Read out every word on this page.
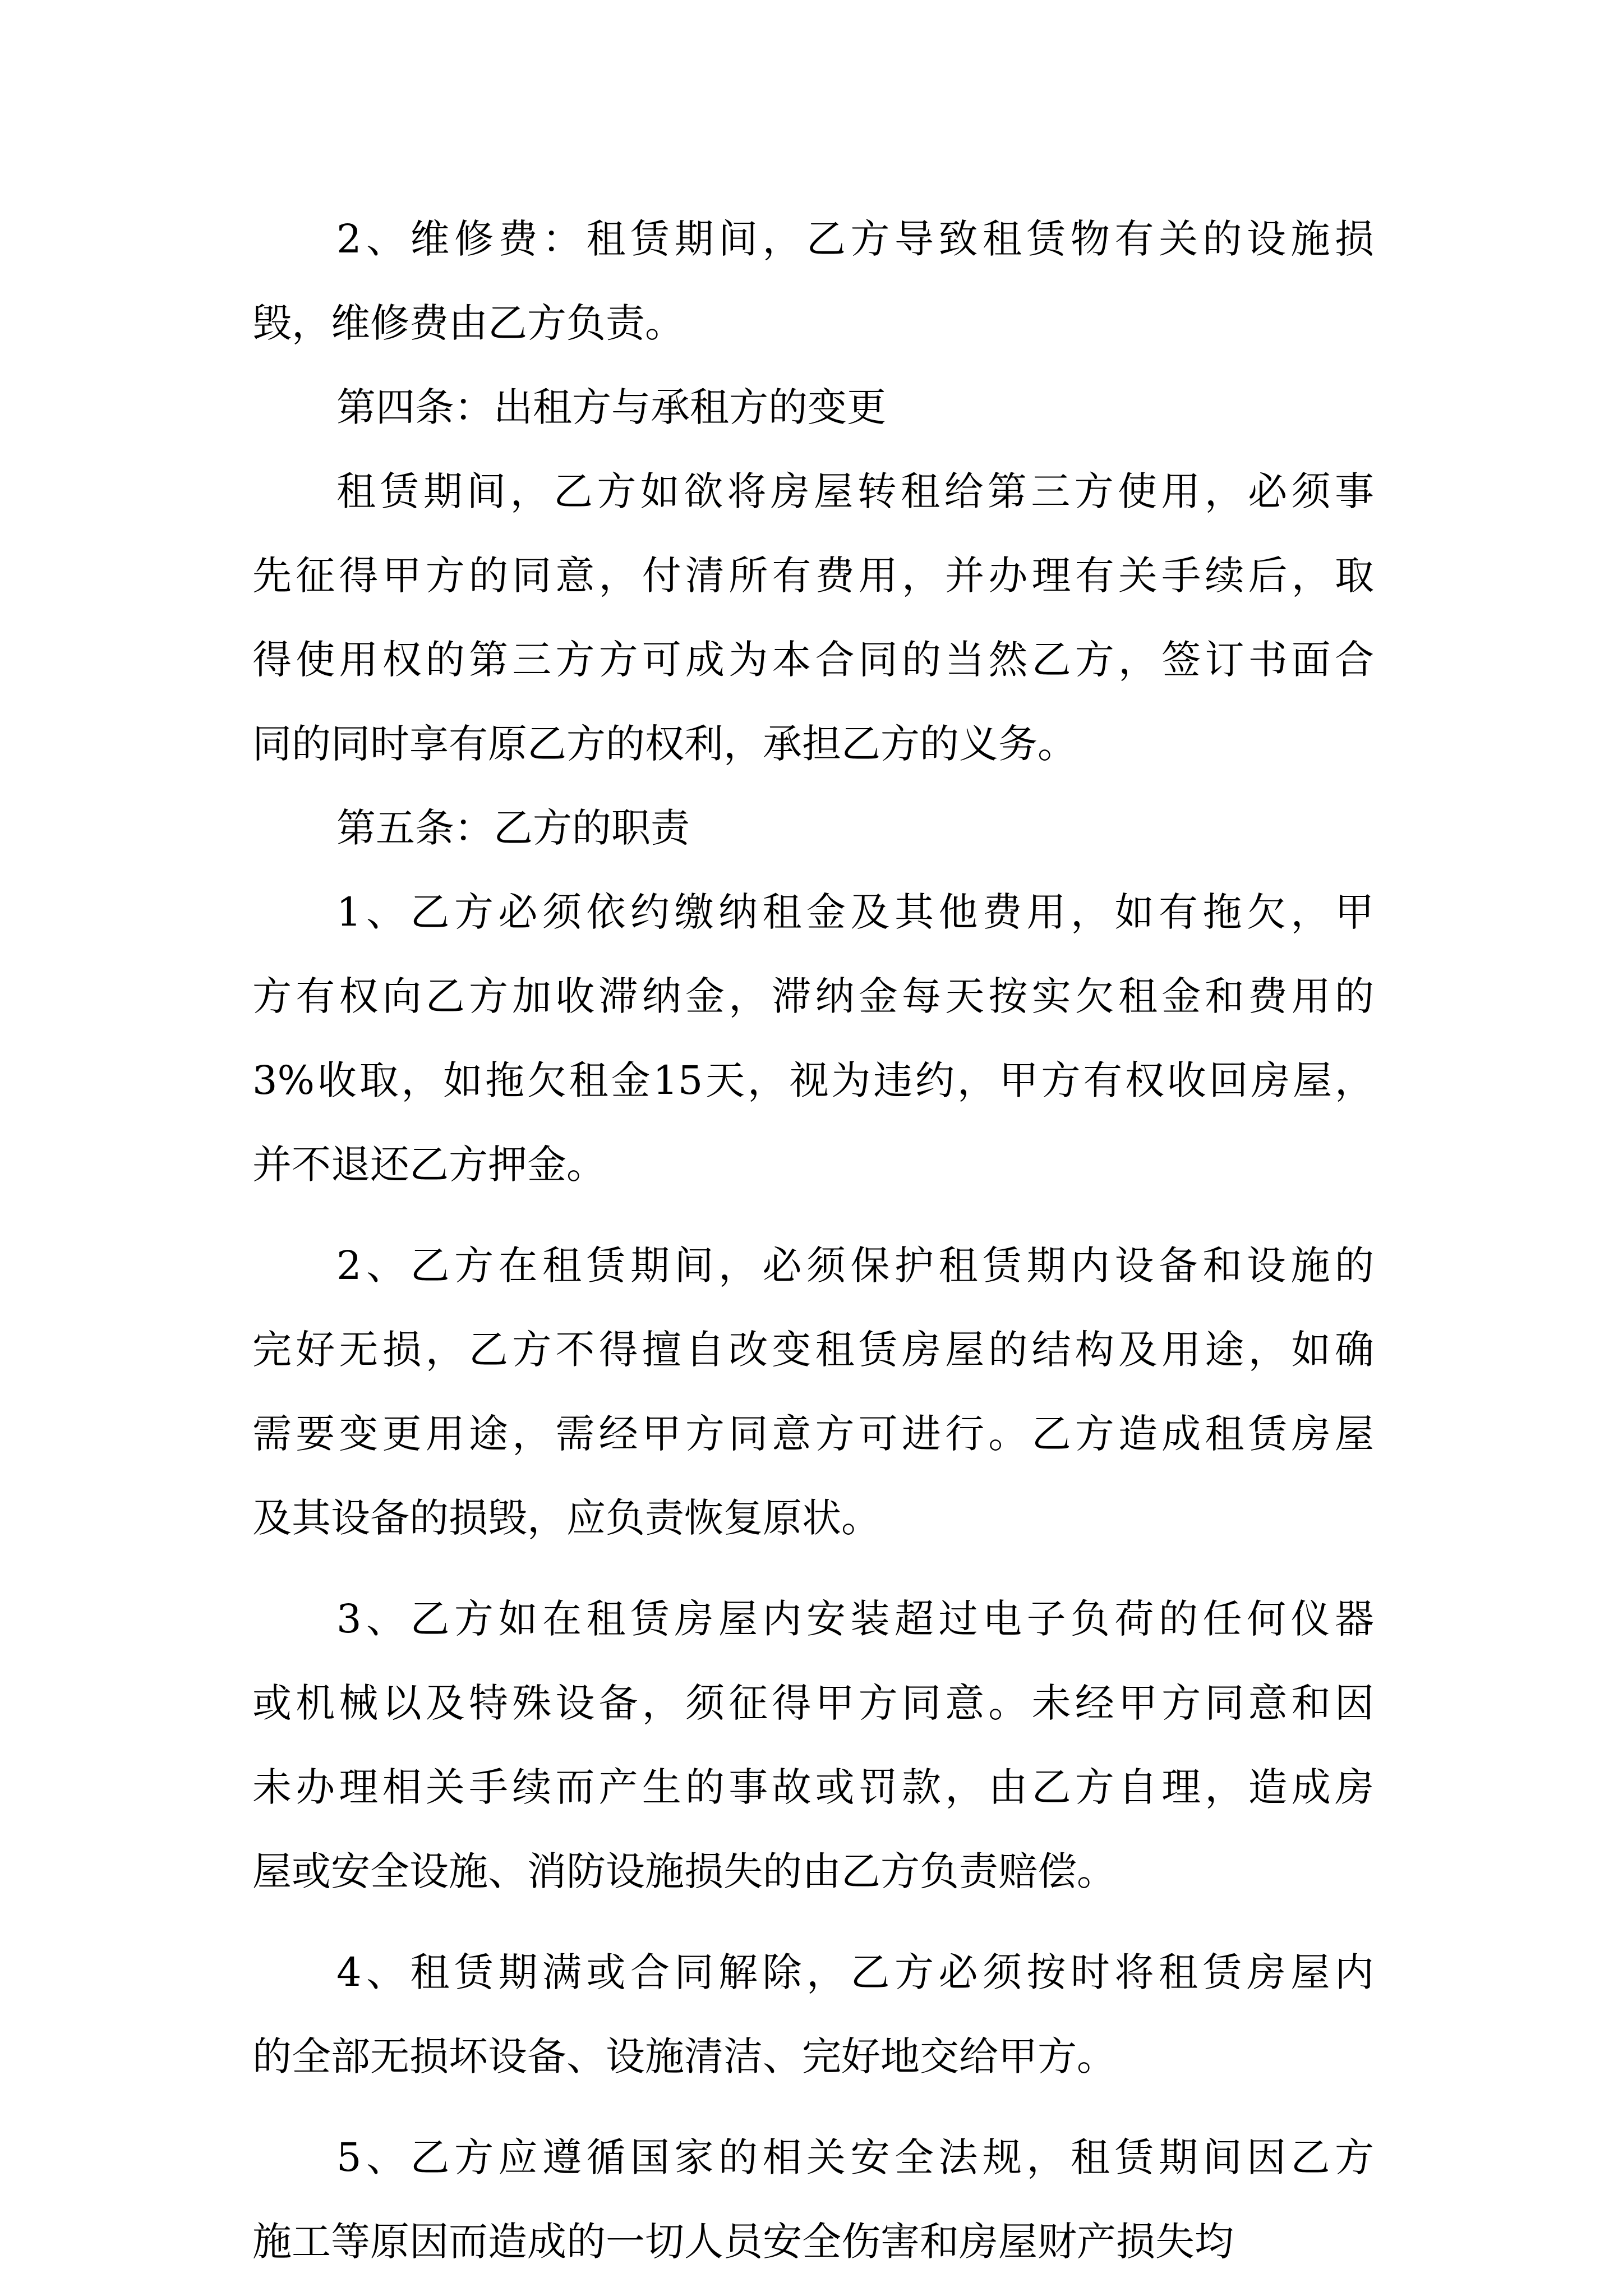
2、维修费：租赁期间，乙方导致租赁物有关的设施损
毁，维修费由乙方负责。
第四条：出租方与承租方的变更
租赁期间，乙方如欲将房屋转租给第三方使用，必须事
先征得甲方的同意，付清所有费用，并办理有关手续后，取
得使用权的第三方方可成为本合同的当然乙方，签订书面合
同的同时享有原乙方的权利，承担乙方的义务。
第五条：乙方的职责
1、乙方必须依约缴纳租金及其他费用，如有拖欠，甲
方有权向乙方加收滞纳金，滞纳金每天按实欠租金和费用的
3%收取，如拖欠租金15天，视为违约，甲方有权收回房屋，
并不退还乙方押金。
2、乙方在租赁期间，必须保护租赁期内设备和设施的
完好无损，乙方不得擅自改变租赁房屋的结构及用途，如确
需要变更用途，需经甲方同意方可进行。乙方造成租赁房屋
及其设备的损毁，应负责恢复原状。
3、乙方如在租赁房屋内安装超过电子负荷的任何仪器
或机械以及特殊设备，须征得甲方同意。未经甲方同意和因
未办理相关手续而产生的事故或罚款，由乙方自理，造成房
屋或安全设施、消防设施损失的由乙方负责赔偿。
4、租赁期满或合同解除，乙方必须按时将租赁房屋内
的全部无损坏设备、设施清洁、完好地交给甲方。
5、乙方应遵循国家的相关安全法规，租赁期间因乙方
施工等原因而造成的一切人员安全伤害和房屋财产损失均
